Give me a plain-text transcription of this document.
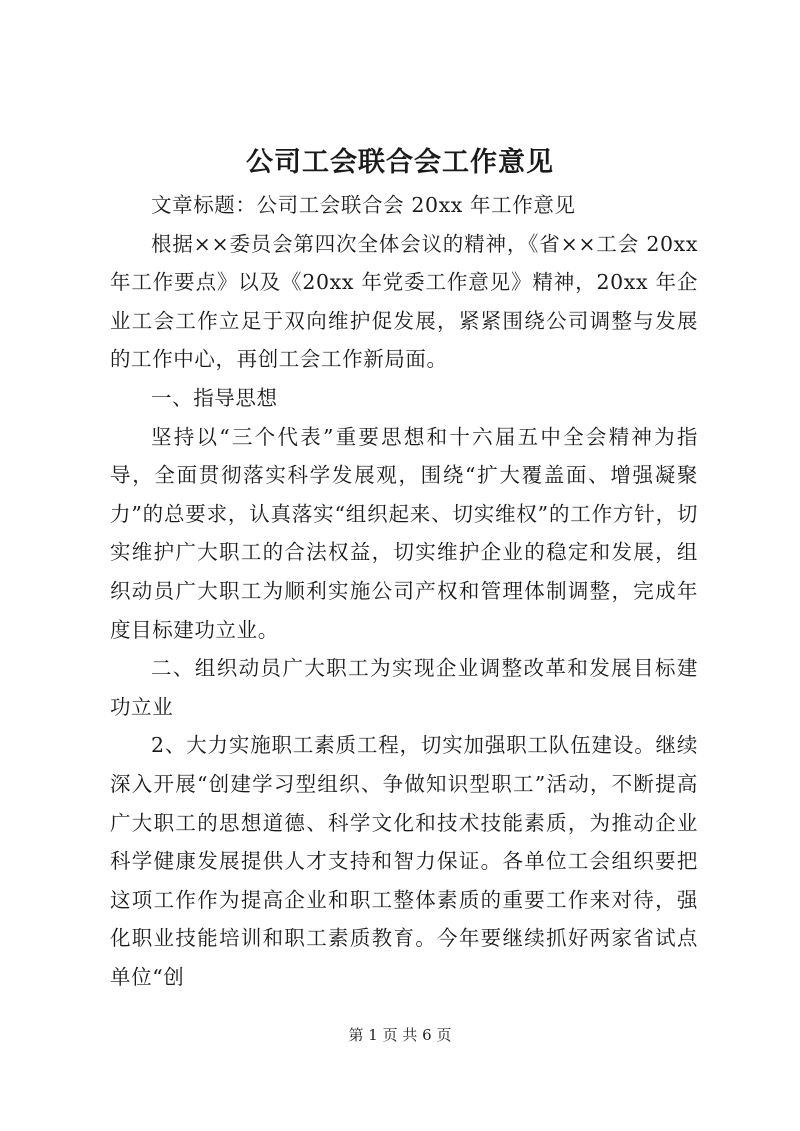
公司工会联合会工作意见

文章标题：公司工会联合会 20xx 年工作意见

根据××委员会第四次全体会议的精神，《省××工会 20xx 年工作要点》以及《20xx 年党委工作意见》精神，20xx 年企业工会工作立足于双向维护促发展，紧紧围绕公司调整与发展的工作中心，再创工会工作新局面。

一、指导思想

坚持以“三个代表”重要思想和十六届五中全会精神为指导，全面贯彻落实科学发展观，围绕“扩大覆盖面、增强凝聚力”的总要求，认真落实“组织起来、切实维权”的工作方针，切实维护广大职工的合法权益，切实维护企业的稳定和发展，组织动员广大职工为顺利实施公司产权和管理体制调整，完成年度目标建功立业。

二、组织动员广大职工为实现企业调整改革和发展目标建功立业

2、大力实施职工素质工程，切实加强职工队伍建设。继续深入开展“创建学习型组织、争做知识型职工”活动，不断提高广大职工的思想道德、科学文化和技术技能素质，为推动企业科学健康发展提供人才支持和智力保证。各单位工会组织要把这项工作作为提高企业和职工整体素质的重要工作来对待，强化职业技能培训和职工素质教育。今年要继续抓好两家省试点单位“创

第 1 页 共 6 页
